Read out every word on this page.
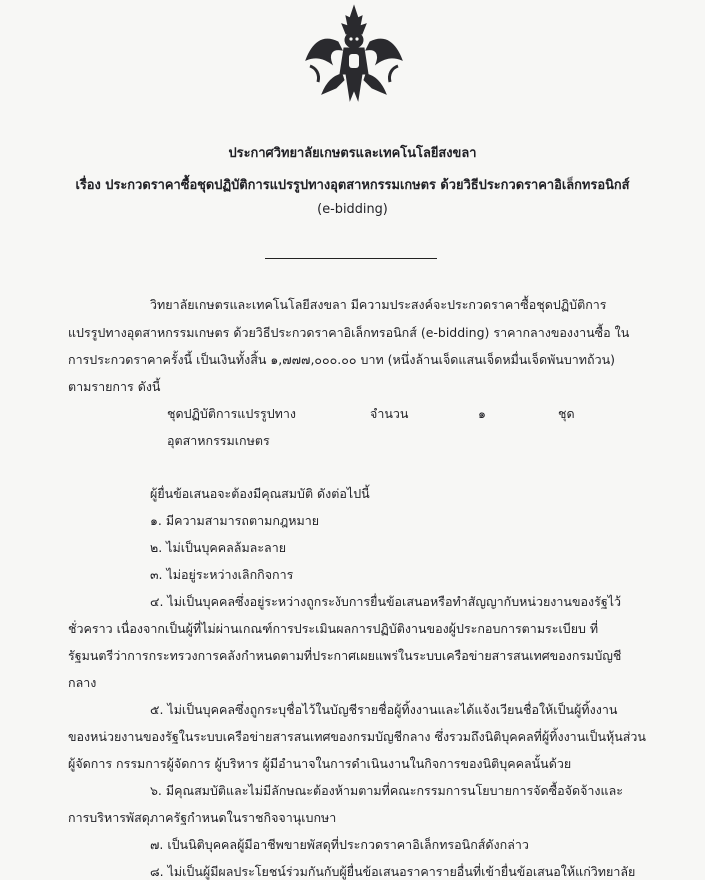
ประกาศวิทยาลัยเกษตรและเทคโนโลยีสงขลา
เรื่อง ประกวดราคาซื้อชุดปฏิบัติการแปรรูปทางอุตสาหกรรมเกษตร ด้วยวิธีประกวดราคาอิเล็กทรอนิกส์
(e-bidding)
วิทยาลัยเกษตรและเทคโนโลยีสงขลา มีความประสงค์จะประกวดราคาซื้อชุดปฏิบัติการ
แปรรูปทางอุตสาหกรรมเกษตร ด้วยวิธีประกวดราคาอิเล็กทรอนิกส์ (e-bidding) ราคากลางของงานซื้อ ใน
การประกวดราคาครั้งนี้ เป็นเงินทั้งสิ้น ๑,๗๗๗,๐๐๐.๐๐ บาท (หนึ่งล้านเจ็ดแสนเจ็ดหมื่นเจ็ดพันบาทถ้วน)
ตามรายการ ดังนี้
ชุดปฏิบัติการแปรรูปทาง	จำนวน	๑	ชุด
อุตสาหกรรมเกษตร
ผู้ยื่นข้อเสนอจะต้องมีคุณสมบัติ ดังต่อไปนี้
๑. มีความสามารถตามกฎหมาย
๒. ไม่เป็นบุคคลล้มละลาย
๓. ไม่อยู่ระหว่างเลิกกิจการ
๔. ไม่เป็นบุคคลซึ่งอยู่ระหว่างถูกระงับการยื่นข้อเสนอหรือทำสัญญากับหน่วยงานของรัฐไว้
ชั่วคราว เนื่องจากเป็นผู้ที่ไม่ผ่านเกณฑ์การประเมินผลการปฏิบัติงานของผู้ประกอบการตามระเบียบ ที่
รัฐมนตรีว่าการกระทรวงการคลังกำหนดตามที่ประกาศเผยแพร่ในระบบเครือข่ายสารสนเทศของกรมบัญชี
กลาง
๕. ไม่เป็นบุคคลซึ่งถูกระบุชื่อไว้ในบัญชีรายชื่อผู้ทิ้งงานและได้แจ้งเวียนชื่อให้เป็นผู้ทิ้งงาน
ของหน่วยงานของรัฐในระบบเครือข่ายสารสนเทศของกรมบัญชีกลาง ซึ่งรวมถึงนิติบุคคลที่ผู้ทิ้งงานเป็นหุ้นส่วน
ผู้จัดการ กรรมการผู้จัดการ ผู้บริหาร ผู้มีอำนาจในการดำเนินงานในกิจการของนิติบุคคลนั้นด้วย
๖. มีคุณสมบัติและไม่มีลักษณะต้องห้ามตามที่คณะกรรมการนโยบายการจัดซื้อจัดจ้างและ
การบริหารพัสดุภาครัฐกำหนดในราชกิจจานุเบกษา
๗. เป็นนิติบุคคลผู้มีอาชีพขายพัสดุที่ประกวดราคาอิเล็กทรอนิกส์ดังกล่าว
๘. ไม่เป็นผู้มีผลประโยชน์ร่วมกันกับผู้ยื่นข้อเสนอราคารายอื่นที่เข้ายื่นข้อเสนอให้แก่วิทยาลัย
